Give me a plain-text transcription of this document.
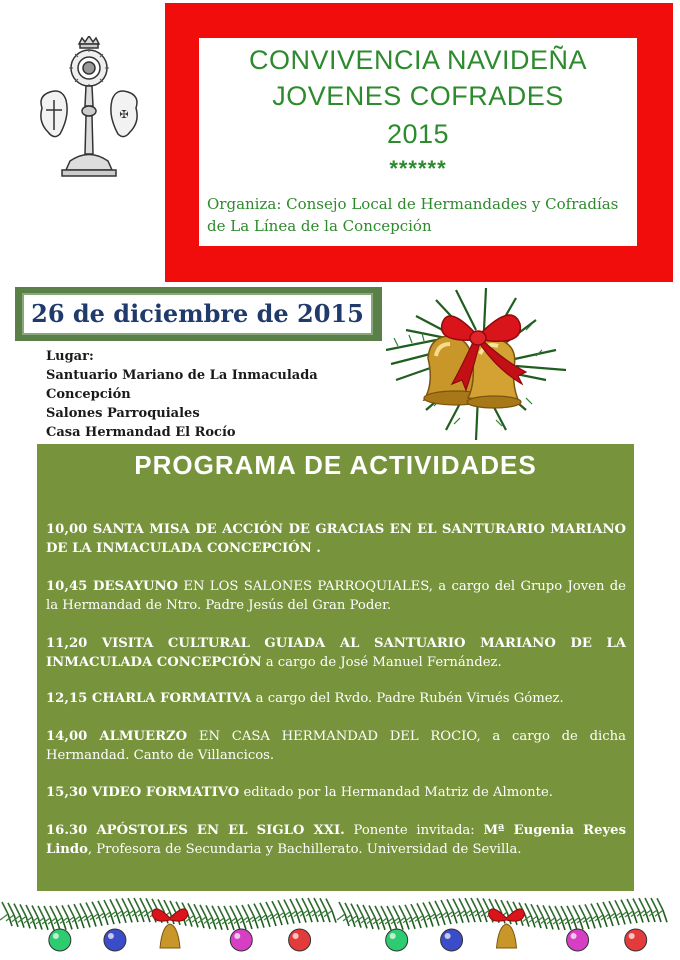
✠
CONVIVENCIA NAVIDEÑA
JOVENES COFRADES
2015
******
Organiza: Consejo Local de Hermandades y Cofradías de La Línea de la Concepción
26 de diciembre de 2015
Lugar:
Santuario Mariano de La Inmaculada
Concepción
Salones Parroquiales
Casa Hermandad El Rocío
PROGRAMA DE ACTIVIDADES
10,00 SANTA MISA DE ACCIÓN DE GRACIAS EN EL SANTURARIO MARIANO DE LA INMACULADA CONCEPCIÓN .
10,45 DESAYUNO EN LOS SALONES PARROQUIALES, a cargo del Grupo Joven de la Hermandad de Ntro. Padre Jesús del Gran Poder.
11,20 VISITA CULTURAL GUIADA AL SANTUARIO MARIANO DE LA INMACULADA CONCEPCIÓN a cargo de José Manuel Fernández.
12,15 CHARLA FORMATIVA a cargo del Rvdo. Padre Rubén Virués Gómez.
14,00 ALMUERZO EN CASA HERMANDAD DEL ROCIO, a cargo de dicha Hermandad. Canto de Villancicos.
15,30 VIDEO FORMATIVO editado por la Hermandad Matriz de Almonte.
16.30 APÓSTOLES EN EL SIGLO XXI. Ponente invitada: Mª Eugenia Reyes Lindo, Profesora de Secundaria y Bachillerato. Universidad de Sevilla.
